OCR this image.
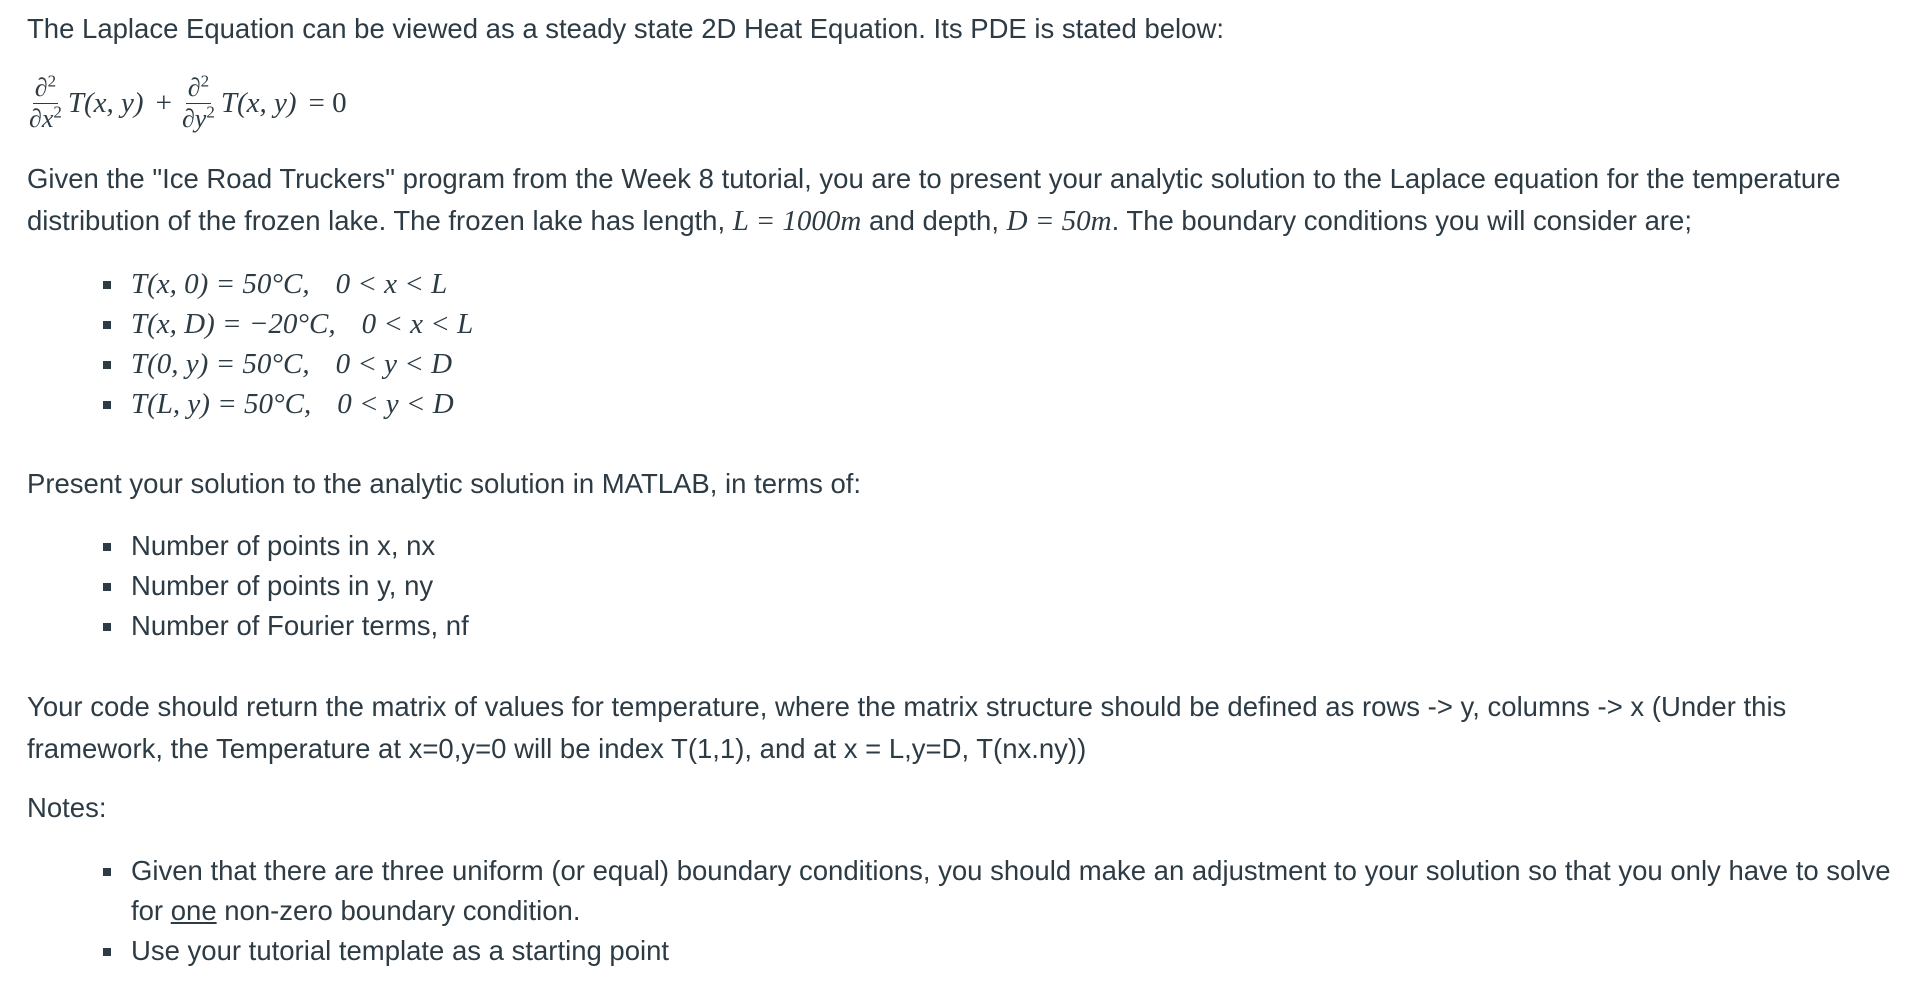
The Laplace Equation can be viewed as a steady state 2D Heat Equation. Its PDE is stated below:
$\frac{\partial^2}{\partial x^2} T(x$, $y) + \frac{\partial^2}{\partial y^2} T(x$, y) = 0
Given the "Ice Road Truckers" program from the Week 8 tutorial, you are to present your analytic solution to the Laplace equation for the temperature distribution of the frozen lake. The frozen lake has length, L = 1000m and depth, D = 50m. The boundary conditions you will consider are;
T(x, 0) = 50°C, 0 < x < L
T(x, D) = −20°C, 0 < x < L
T(0, y) = 50°C, 0 < y < D
T(L, y) = 50°C, 0 < y < D
Present your solution to the analytic solution in MATLAB, in terms of:
Number of points in x, nx
Number of points in y, ny
Number of Fourier terms, nf
Your code should return the matrix of values for temperature, where the matrix structure should be defined as rows -> y, columns -> x (Under this framework, the Temperature at x=0,y=0 will be index T(1,1), and at x = L,y=D, T(nx.ny))
Notes:
Given that there are three uniform (or equal) boundary conditions, you should make an adjustment to your solution so that you only have to solve for one non-zero boundary condition.
Use your tutorial template as a starting point
